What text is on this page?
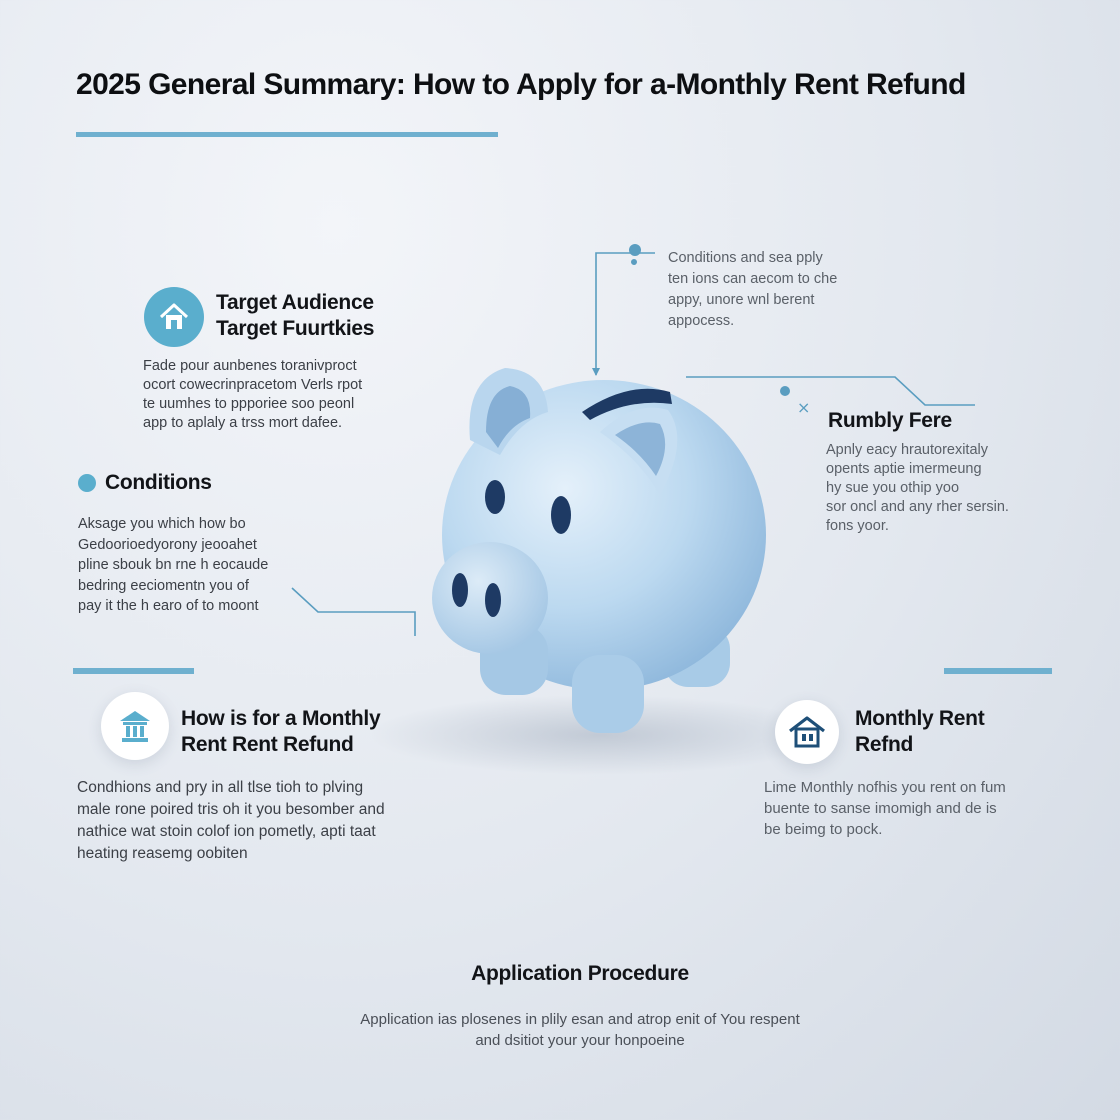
2025 General Summary: How to Apply for a-Monthly Rent Refund
×
Target Audience
Target Fuurtkies
Fade pour aunbenes toranivproct
ocort cowecrinpracetom Verls rpot
te uumhes to ppporiee soo peonl
app to aplaly a trss mort dafee.
Conditions
Aksage you which how bo
Gedoorioedyorony jeooahet
pline sbouk bn rne h eocaude
bedring eeciomentn you of
pay it the h earo of to moont
How is for a Monthly
Rent Rent Refund
Condhions and pry in all tlse tioh to plving
male rone poired tris oh it you besomber and
nathice wat stoin colof ion pometly, apti taat
heating reasemg oobiten
Conditions and sea pply
ten ions can aecom to che
appy, unore wnl berent
appocess.
Rumbly Fere
Apnly eacy hrautorexitaly
opents aptie imermeung
hy sue you othip yoo
sor oncl and any rher sersin.
fons yoor.
Monthly Rent
Refnd
Lime Monthly nofhis you rent on fum
buente to sanse imomigh and de is
be beimg to pock.
Application Procedure
Application ias plosenes in plily esan and atrop enit of You respent
and dsitiot your your honpoeine
